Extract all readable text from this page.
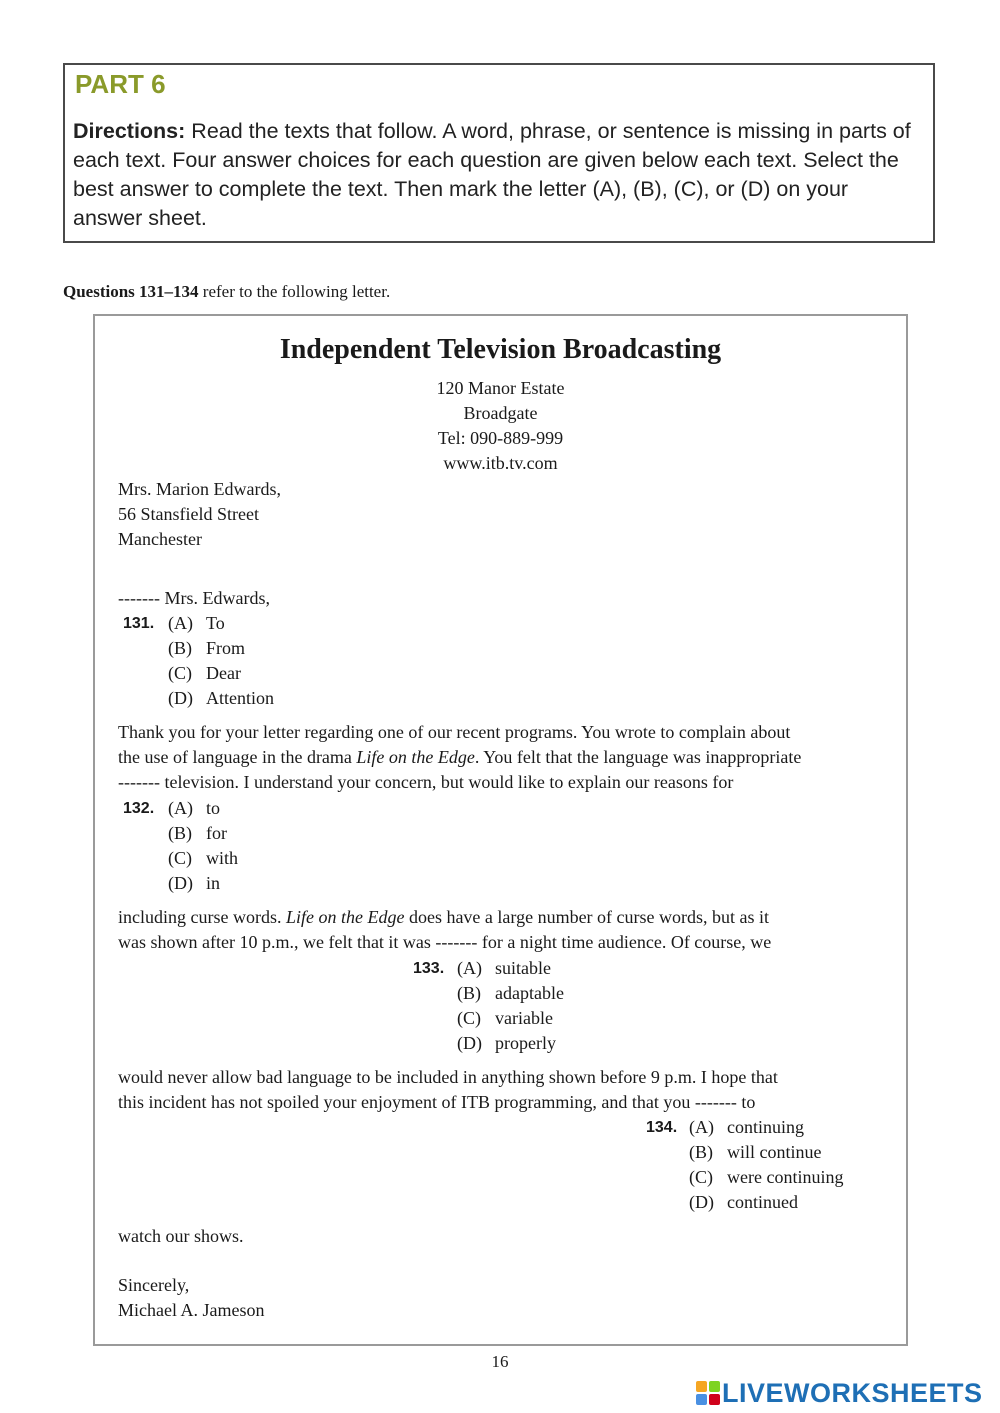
PART 6
Directions: Read the texts that follow. A word, phrase, or sentence is missing in parts of each text. Four answer choices for each question are given below each text. Select the best answer to complete the text. Then mark the letter (A), (B), (C), or (D) on your answer sheet.
Questions 131–134 refer to the following letter.
Independent Television Broadcasting
120 Manor Estate
Broadgate
Tel: 090-889-999
www.itb.tv.com
Mrs. Marion Edwards,
56 Stansfield Street
Manchester
------- Mrs. Edwards,
131. (A) To
(B) From
(C) Dear
(D) Attention
Thank you for your letter regarding one of our recent programs. You wrote to complain about
the use of language in the drama Life on the Edge. You felt that the language was inappropriate
------- television. I understand your concern, but would like to explain our reasons for
132. (A) to
(B) for
(C) with
(D) in
including curse words. Life on the Edge does have a large number of curse words, but as it
was shown after 10 p.m., we felt that it was ------- for a night time audience. Of course, we
133. (A) suitable
(B) adaptable
(C) variable
(D) properly
would never allow bad language to be included in anything shown before 9 p.m. I hope that
this incident has not spoiled your enjoyment of ITB programming, and that you ------- to
134. (A) continuing
(B) will continue
(C) were continuing
(D) continued
watch our shows.
Sincerely,
Michael A. Jameson
16
LIVEWORKSHEETS
